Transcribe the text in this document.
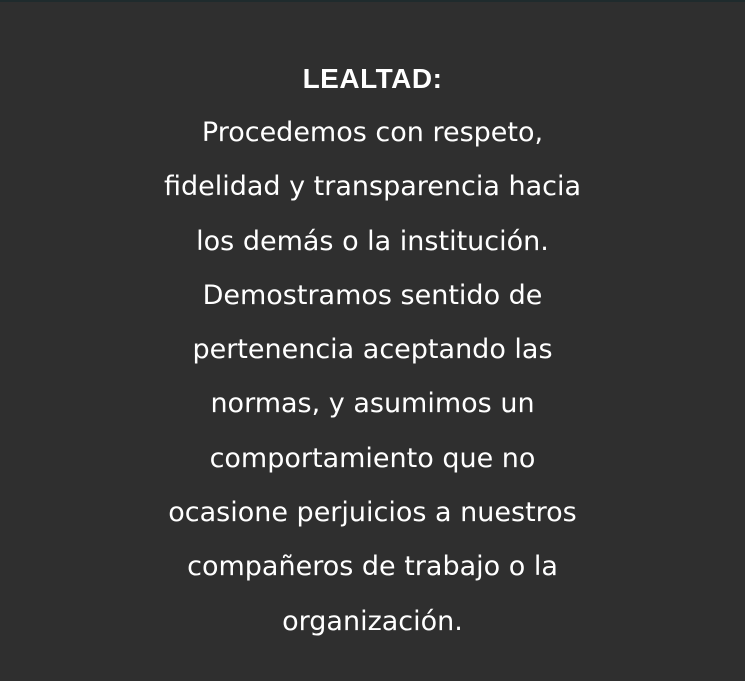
LEALTAD:

Procedemos con respeto,
fidelidad y transparencia hacia
los demás o la institución.
Demostramos sentido de
pertenencia aceptando las
normas, y asumimos un
comportamiento que no
ocasione perjuicios a nuestros
compañeros de trabajo o la
organización.
